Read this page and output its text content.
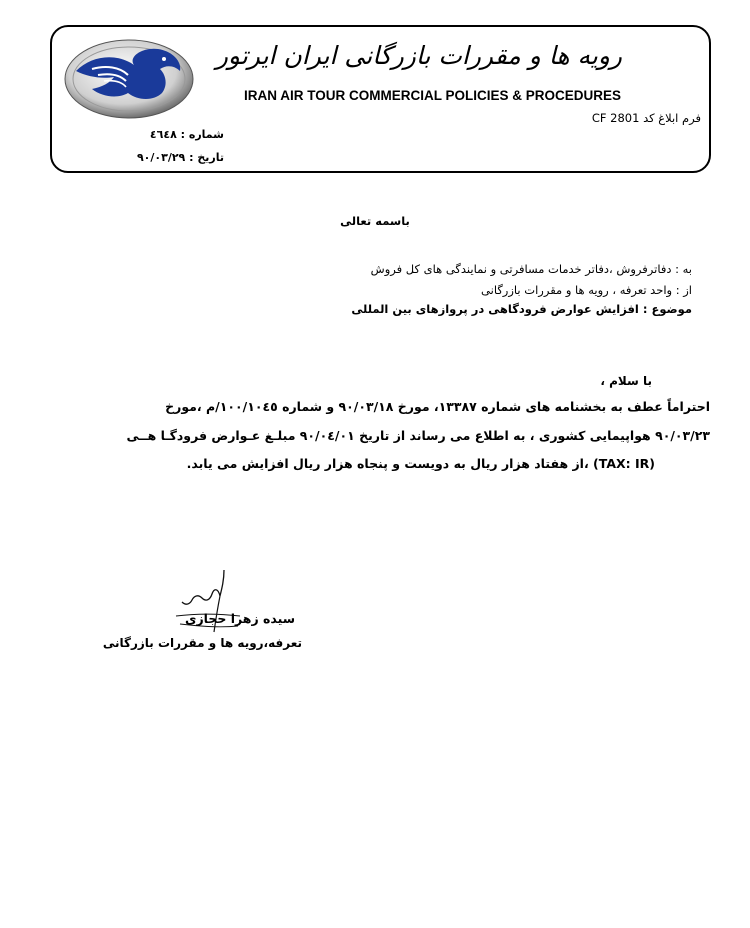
رویه ها و مقررات بازرگانی ایران ایرتور
IRAN AIR TOUR COMMERCIAL POLICIES & PROCEDURES
فرم ابلاغ کد CF 2801
شماره : ٤٦٤٨
تاریخ : ٩٠/٠٣/٢٩
باسمه تعالی
به : دفاترفروش ،دفاتر خدمات مسافرتی و نمایندگی های کل فروش
از : واحد تعرفه ، رویه ها و مقررات بازرگانی
موضوع : افزایش عوارض فرودگاهی در پروازهای بین المللی
با سلام ،
احتراماً عطف به بخشنامه های شماره ١٣٣٨٧، مورخ ٩٠/٠٣/١٨ و شماره ١٠٠/١٠٤٥/م ،مورخ
٩٠/٠٣/٢٣ هواپیمایی کشوری ، به اطلاع می رساند از تاریخ ٩٠/٠٤/٠١ مبلـغ عـوارض فرودگـا هــی
(TAX: IR) ،از هفتاد هزار ریال به دویست و پنجاه هزار ریال افزایش می یابد.
سیده زهرا حجازی
تعرفه،رویه ها و مقررات بازرگانی
